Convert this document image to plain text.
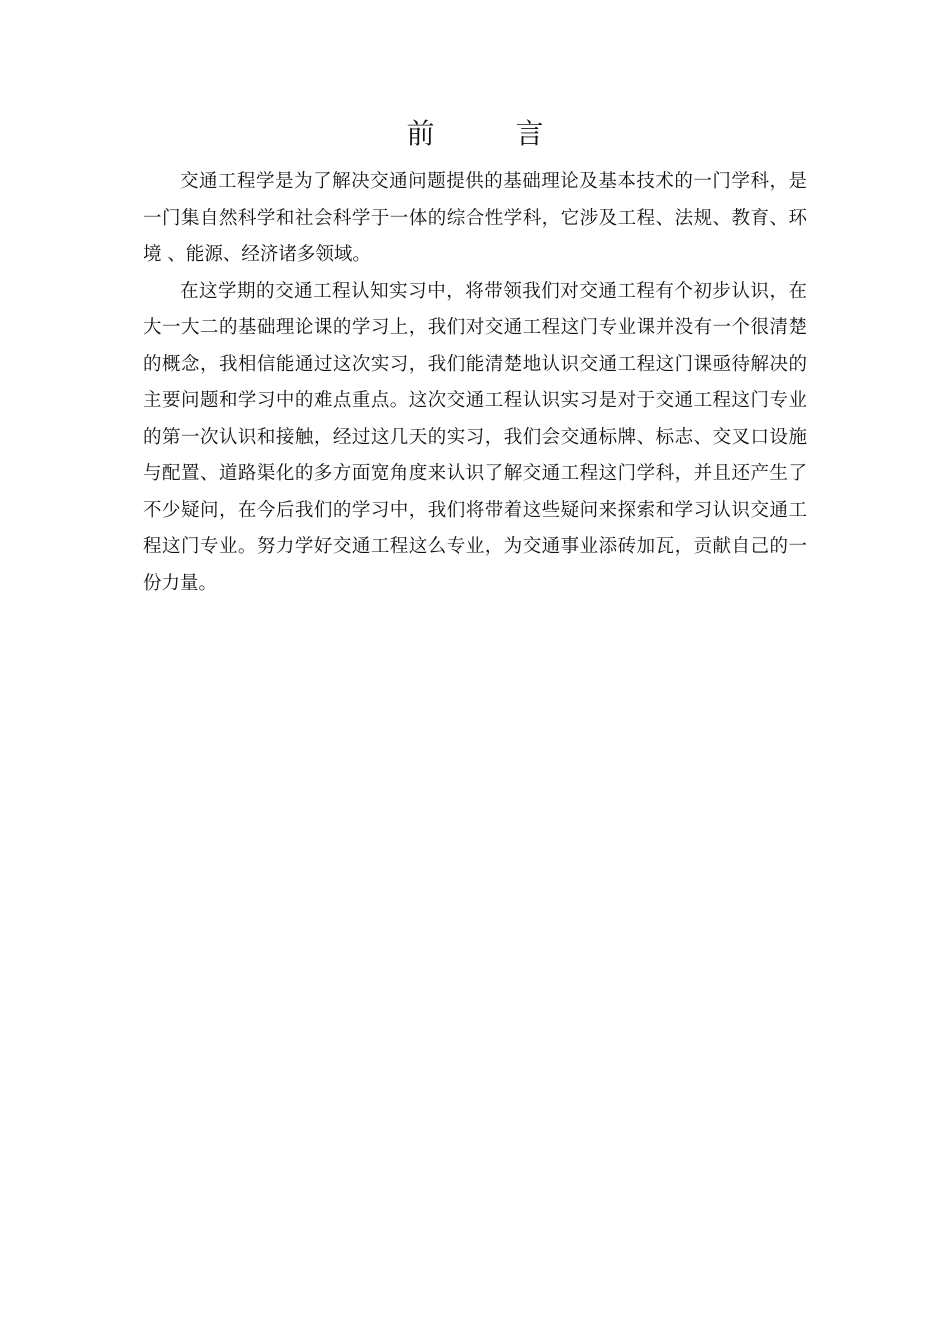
前 言

交通工程学是为了解决交通问题提供的基础理论及基本技术的一门学科，是一门集自然科学和社会科学于一体的综合性学科，它涉及工程、法规、教育、环境 、能源、经济诸多领域。

在这学期的交通工程认知实习中，将带领我们对交通工程有个初步认识，在大一大二的基础理论课的学习上，我们对交通工程这门专业课并没有一个很清楚的概念，我相信能通过这次实习，我们能清楚地认识交通工程这门课亟待解决的主要问题和学习中的难点重点。这次交通工程认识实习是对于交通工程这门专业的第一次认识和接触，经过这几天的实习，我们会交通标牌、标志、交叉口设施与配置、道路渠化的多方面宽角度来认识了解交通工程这门学科，并且还产生了不少疑问，在今后我们的学习中，我们将带着这些疑问来探索和学习认识交通工程这门专业。努力学好交通工程这么专业，为交通事业添砖加瓦，贡献自己的一份力量。
